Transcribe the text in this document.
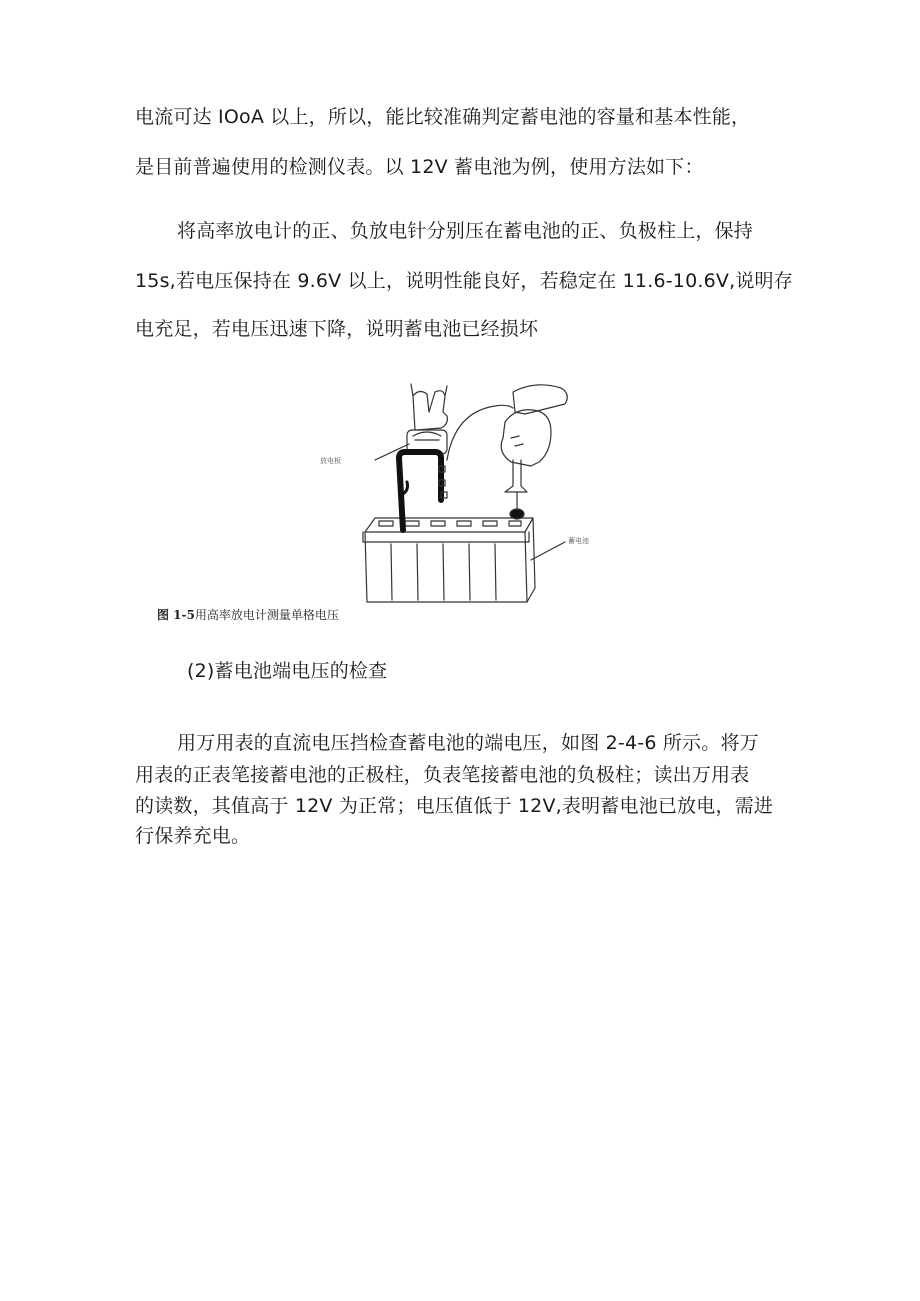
电流可达 IOoA 以上，所以，能比较准确判定蓄电池的容量和基本性能，
是目前普遍使用的检测仪表。以 12V 蓄电池为例，使用方法如下：
将高率放电计的正、负放电针分别压在蓄电池的正、负极柱上，保持
15s,若电压保持在 9.6V 以上，说明性能良好，若稳定在 11.6-10.6V,说明存
电充足，若电压迅速下降，说明蓄电池已经损坏
放电板
蓄电池
图 1-5用高率放电计测量单格电压
(2)蓄电池端电压的检查
用万用表的直流电压挡检查蓄电池的端电压，如图 2-4-6 所示。将万
用表的正表笔接蓄电池的正极柱，负表笔接蓄电池的负极柱；读出万用表
的读数，其值高于 12V 为正常；电压值低于 12V,表明蓄电池已放电，需进
行保养充电。
